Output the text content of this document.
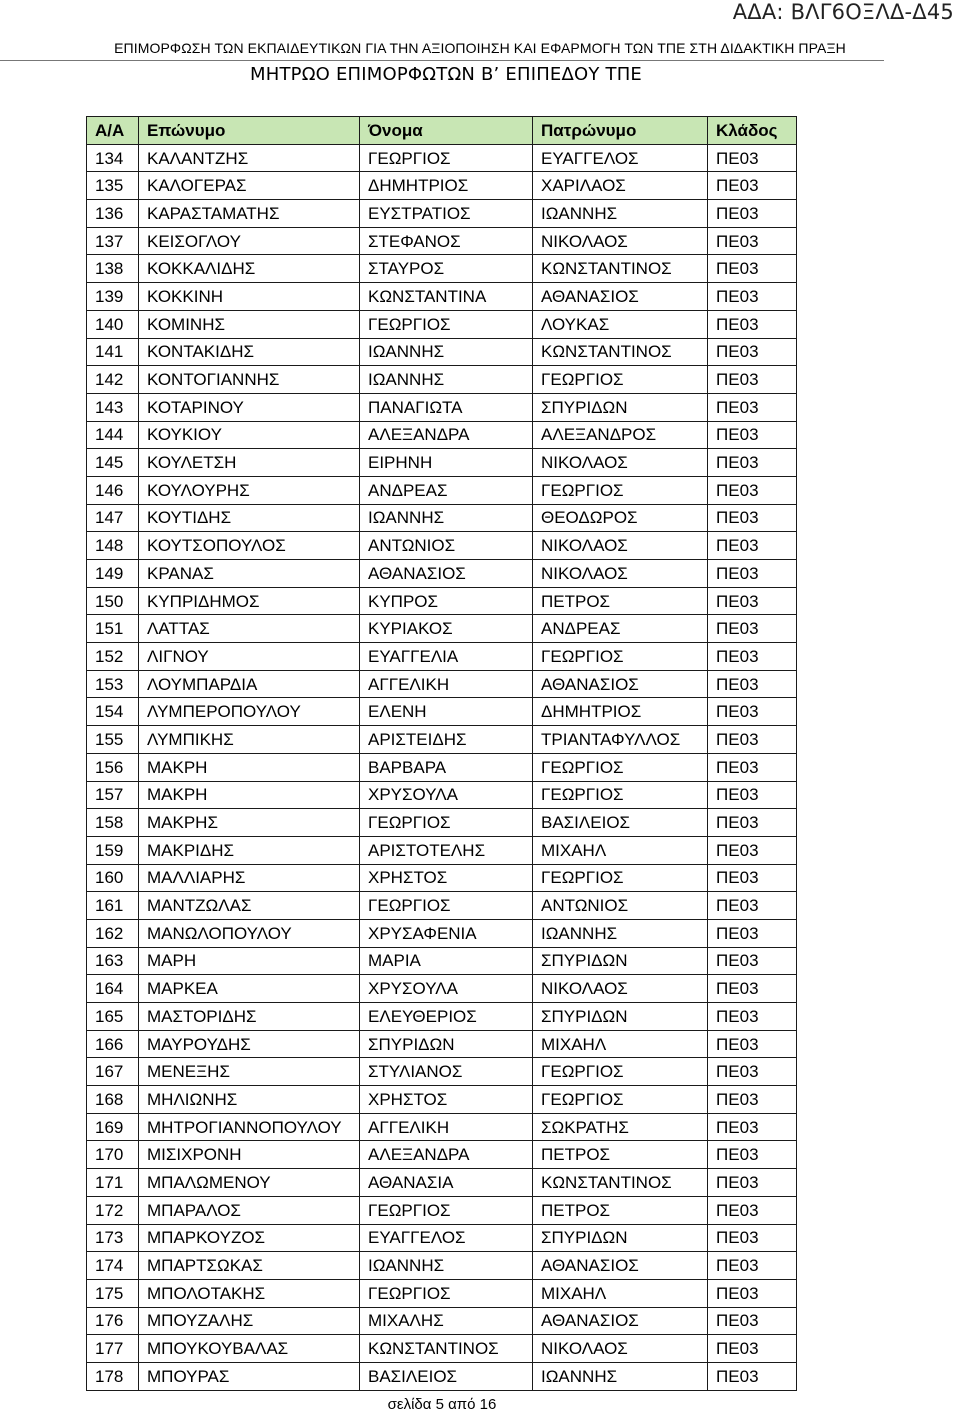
ΑΔΑ: ΒΛΓ6ΟΞΛΔ-Δ45
ΕΠΙΜΟΡΦΩΣΗ ΤΩΝ ΕΚΠΑΙΔΕΥΤΙΚΩΝ ΓΙΑ ΤΗΝ ΑΞΙΟΠΟΙΗΣΗ ΚΑΙ ΕΦΑΡΜΟΓΗ ΤΩΝ ΤΠΕ ΣΤΗ ΔΙΔΑΚΤΙΚΗ ΠΡΑΞΗ
ΜΗΤΡΩΟ ΕΠΙΜΟΡΦΩΤΩΝ Β’ ΕΠΙΠΕΔΟΥ ΤΠΕ
Α/Α	Επώνυμο	Όνομα	Πατρώνυμο	Κλάδος
134	ΚΑΛΑΝΤΖΗΣ	ΓΕΩΡΓΙΟΣ	ΕΥΑΓΓΕΛΟΣ	ΠΕ03
135	ΚΑΛΟΓΕΡΑΣ	ΔΗΜΗΤΡΙΟΣ	ΧΑΡΙΛΑΟΣ	ΠΕ03
136	ΚΑΡΑΣΤΑΜΑΤΗΣ	ΕΥΣΤΡΑΤΙΟΣ	ΙΩΑΝΝΗΣ	ΠΕ03
137	ΚΕΙΣΟΓΛΟΥ	ΣΤΕΦΑΝΟΣ	ΝΙΚΟΛΑΟΣ	ΠΕ03
138	ΚΟΚΚΑΛΙΔΗΣ	ΣΤΑΥΡΟΣ	ΚΩΝΣΤΑΝΤΙΝΟΣ	ΠΕ03
139	ΚΟΚΚΙΝΗ	ΚΩΝΣΤΑΝΤΙΝΑ	ΑΘΑΝΑΣΙΟΣ	ΠΕ03
140	ΚΟΜΙΝΗΣ	ΓΕΩΡΓΙΟΣ	ΛΟΥΚΑΣ	ΠΕ03
141	ΚΟΝΤΑΚΙΔΗΣ	ΙΩΑΝΝΗΣ	ΚΩΝΣΤΑΝΤΙΝΟΣ	ΠΕ03
142	ΚΟΝΤΟΓΙΑΝΝΗΣ	ΙΩΑΝΝΗΣ	ΓΕΩΡΓΙΟΣ	ΠΕ03
143	ΚΟΤΑΡΙΝΟΥ	ΠΑΝΑΓΙΩΤΑ	ΣΠΥΡΙΔΩΝ	ΠΕ03
144	ΚΟΥΚΙΟΥ	ΑΛΕΞΑΝΔΡΑ	ΑΛΕΞΑΝΔΡΟΣ	ΠΕ03
145	ΚΟΥΛΕΤΣΗ	ΕΙΡΗΝΗ	ΝΙΚΟΛΑΟΣ	ΠΕ03
146	ΚΟΥΛΟΥΡΗΣ	ΑΝΔΡΕΑΣ	ΓΕΩΡΓΙΟΣ	ΠΕ03
147	ΚΟΥΤΙΔΗΣ	ΙΩΑΝΝΗΣ	ΘΕΟΔΩΡΟΣ	ΠΕ03
148	ΚΟΥΤΣΟΠΟΥΛΟΣ	ΑΝΤΩΝΙΟΣ	ΝΙΚΟΛΑΟΣ	ΠΕ03
149	ΚΡΑΝΑΣ	ΑΘΑΝΑΣΙΟΣ	ΝΙΚΟΛΑΟΣ	ΠΕ03
150	ΚΥΠΡΙΔΗΜΟΣ	ΚΥΠΡΟΣ	ΠΕΤΡΟΣ	ΠΕ03
151	ΛΑΤΤΑΣ	ΚΥΡΙΑΚΟΣ	ΑΝΔΡΕΑΣ	ΠΕ03
152	ΛΙΓΝΟΥ	ΕΥΑΓΓΕΛΙΑ	ΓΕΩΡΓΙΟΣ	ΠΕ03
153	ΛΟΥΜΠΑΡΔΙΑ	ΑΓΓΕΛΙΚΗ	ΑΘΑΝΑΣΙΟΣ	ΠΕ03
154	ΛΥΜΠΕΡΟΠΟΥΛΟΥ	ΕΛΕΝΗ	ΔΗΜΗΤΡΙΟΣ	ΠΕ03
155	ΛΥΜΠΙΚΗΣ	ΑΡΙΣΤΕΙΔΗΣ	ΤΡΙΑΝΤΑΦΥΛΛΟΣ	ΠΕ03
156	ΜΑΚΡΗ	ΒΑΡΒΑΡΑ	ΓΕΩΡΓΙΟΣ	ΠΕ03
157	ΜΑΚΡΗ	ΧΡΥΣΟΥΛΑ	ΓΕΩΡΓΙΟΣ	ΠΕ03
158	ΜΑΚΡΗΣ	ΓΕΩΡΓΙΟΣ	ΒΑΣΙΛΕΙΟΣ	ΠΕ03
159	ΜΑΚΡΙΔΗΣ	ΑΡΙΣΤΟΤΕΛΗΣ	ΜΙΧΑΗΛ	ΠΕ03
160	ΜΑΛΛΙΑΡΗΣ	ΧΡΗΣΤΟΣ	ΓΕΩΡΓΙΟΣ	ΠΕ03
161	ΜΑΝΤΖΩΛΑΣ	ΓΕΩΡΓΙΟΣ	ΑΝΤΩΝΙΟΣ	ΠΕ03
162	ΜΑΝΩΛΟΠΟΥΛΟΥ	ΧΡΥΣΑΦΕΝΙΑ	ΙΩΑΝΝΗΣ	ΠΕ03
163	ΜΑΡΗ	ΜΑΡΙΑ	ΣΠΥΡΙΔΩΝ	ΠΕ03
164	ΜΑΡΚΕΑ	ΧΡΥΣΟΥΛΑ	ΝΙΚΟΛΑΟΣ	ΠΕ03
165	ΜΑΣΤΟΡΙΔΗΣ	ΕΛΕΥΘΕΡΙΟΣ	ΣΠΥΡΙΔΩΝ	ΠΕ03
166	ΜΑΥΡΟΥΔΗΣ	ΣΠΥΡΙΔΩΝ	ΜΙΧΑΗΛ	ΠΕ03
167	ΜΕΝΕΞΗΣ	ΣΤΥΛΙΑΝΟΣ	ΓΕΩΡΓΙΟΣ	ΠΕ03
168	ΜΗΛΙΩΝΗΣ	ΧΡΗΣΤΟΣ	ΓΕΩΡΓΙΟΣ	ΠΕ03
169	ΜΗΤΡΟΓΙΑΝΝΟΠΟΥΛΟΥ	ΑΓΓΕΛΙΚΗ	ΣΩΚΡΑΤΗΣ	ΠΕ03
170	ΜΙΣΙΧΡΟΝΗ	ΑΛΕΞΑΝΔΡΑ	ΠΕΤΡΟΣ	ΠΕ03
171	ΜΠΑΛΩΜΕΝΟΥ	ΑΘΑΝΑΣΙΑ	ΚΩΝΣΤΑΝΤΙΝΟΣ	ΠΕ03
172	ΜΠΑΡΑΛΟΣ	ΓΕΩΡΓΙΟΣ	ΠΕΤΡΟΣ	ΠΕ03
173	ΜΠΑΡΚΟΥΖΟΣ	ΕΥΑΓΓΕΛΟΣ	ΣΠΥΡΙΔΩΝ	ΠΕ03
174	ΜΠΑΡΤΣΩΚΑΣ	ΙΩΑΝΝΗΣ	ΑΘΑΝΑΣΙΟΣ	ΠΕ03
175	ΜΠΟΛΟΤΑΚΗΣ	ΓΕΩΡΓΙΟΣ	ΜΙΧΑΗΛ	ΠΕ03
176	ΜΠΟΥΖΑΛΗΣ	ΜΙΧΑΛΗΣ	ΑΘΑΝΑΣΙΟΣ	ΠΕ03
177	ΜΠΟΥΚΟΥΒΑΛΑΣ	ΚΩΝΣΤΑΝΤΙΝΟΣ	ΝΙΚΟΛΑΟΣ	ΠΕ03
178	ΜΠΟΥΡΑΣ	ΒΑΣΙΛΕΙΟΣ	ΙΩΑΝΝΗΣ	ΠΕ03
σελίδα 5 από 16
